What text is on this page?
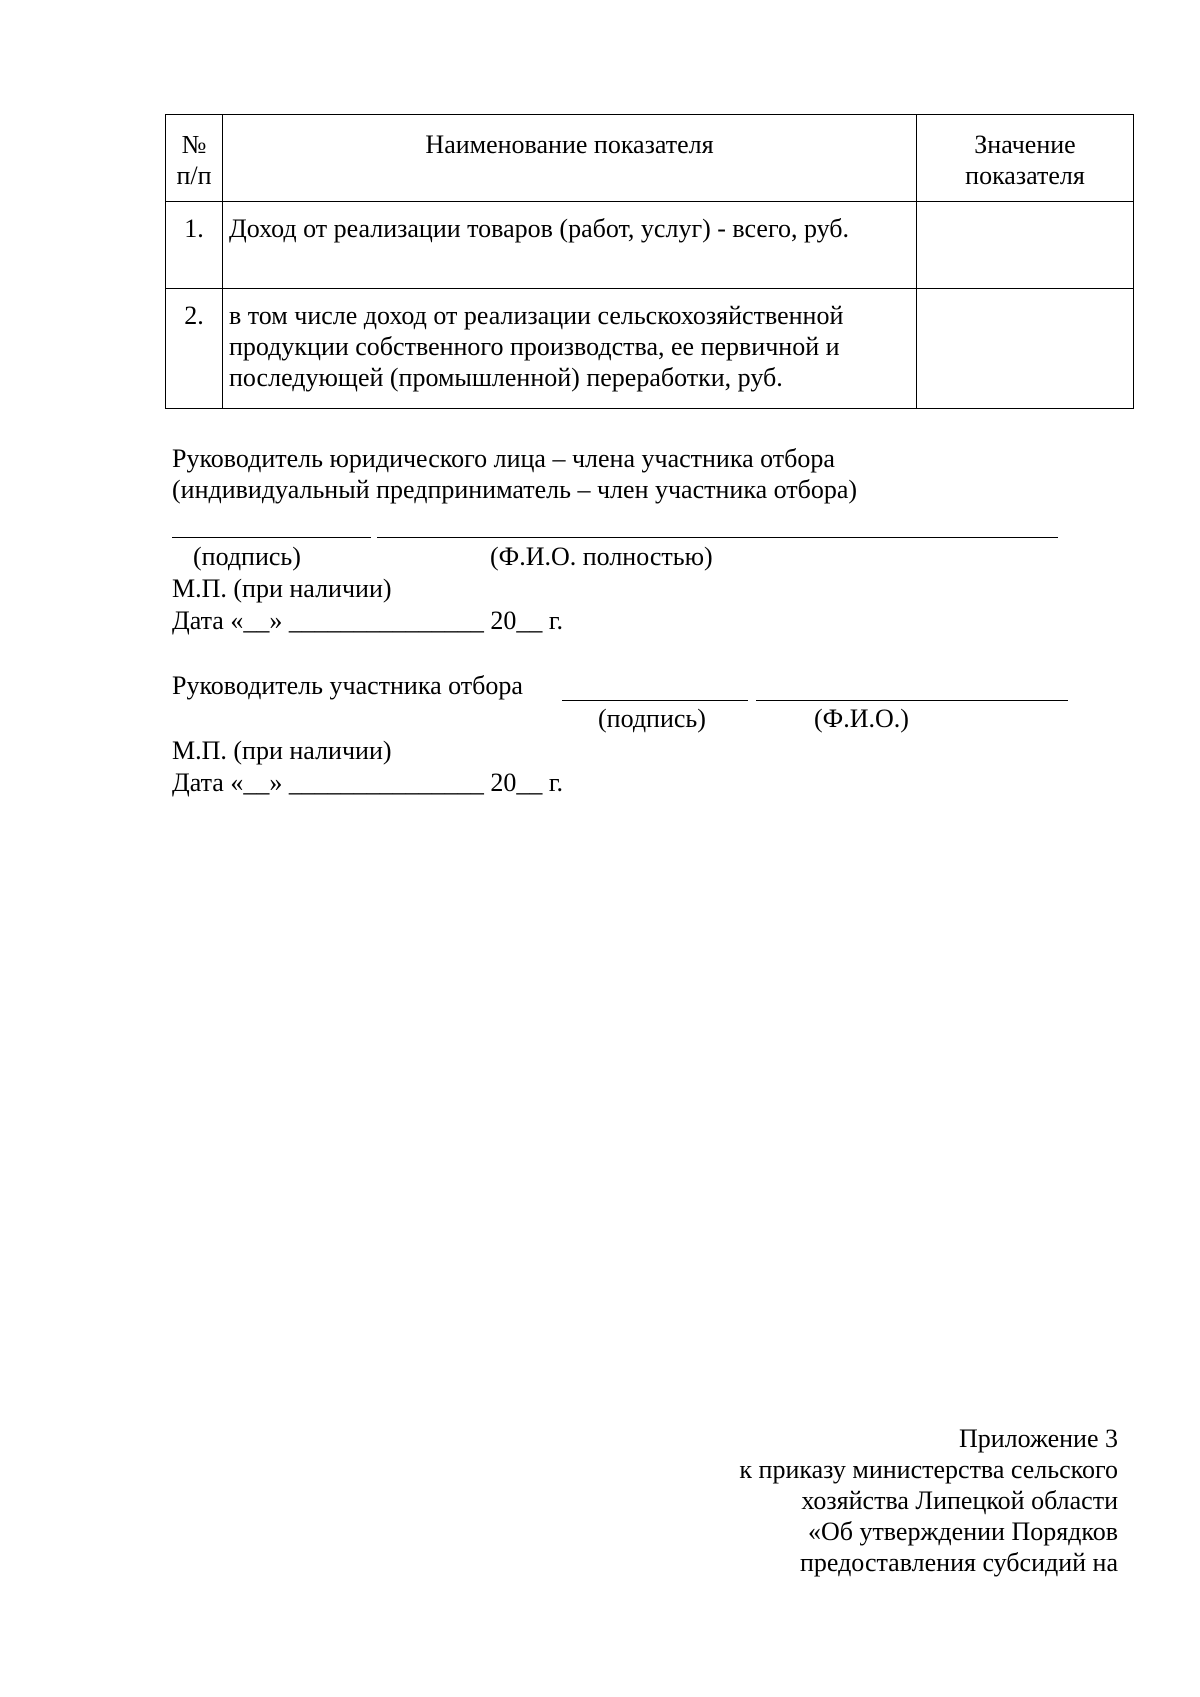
№ п/п	Наименование показателя	Значение показателя

1.	Доход от реализации товаров (работ, услуг) - всего, руб.	

2.	в том числе доход от реализации сельскохозяйственной продукции собственного производства, ее первичной и последующей (промышленной) переработки, руб.	

Руководитель юридического лица – члена участника отбора
(индивидуальный предприниматель – член участника отбора)
(подпись)	(Ф.И.О. полностью)
М.П. (при наличии)
Дата «__» _______________ 20__ г.
Руководитель участника отбора
(подпись)	(Ф.И.О.)
М.П. (при наличии)
Дата «__» _______________ 20__ г.
Приложение 3
к приказу министерства сельского
хозяйства Липецкой области
«Об утверждении Порядков
предоставления субсидий на
